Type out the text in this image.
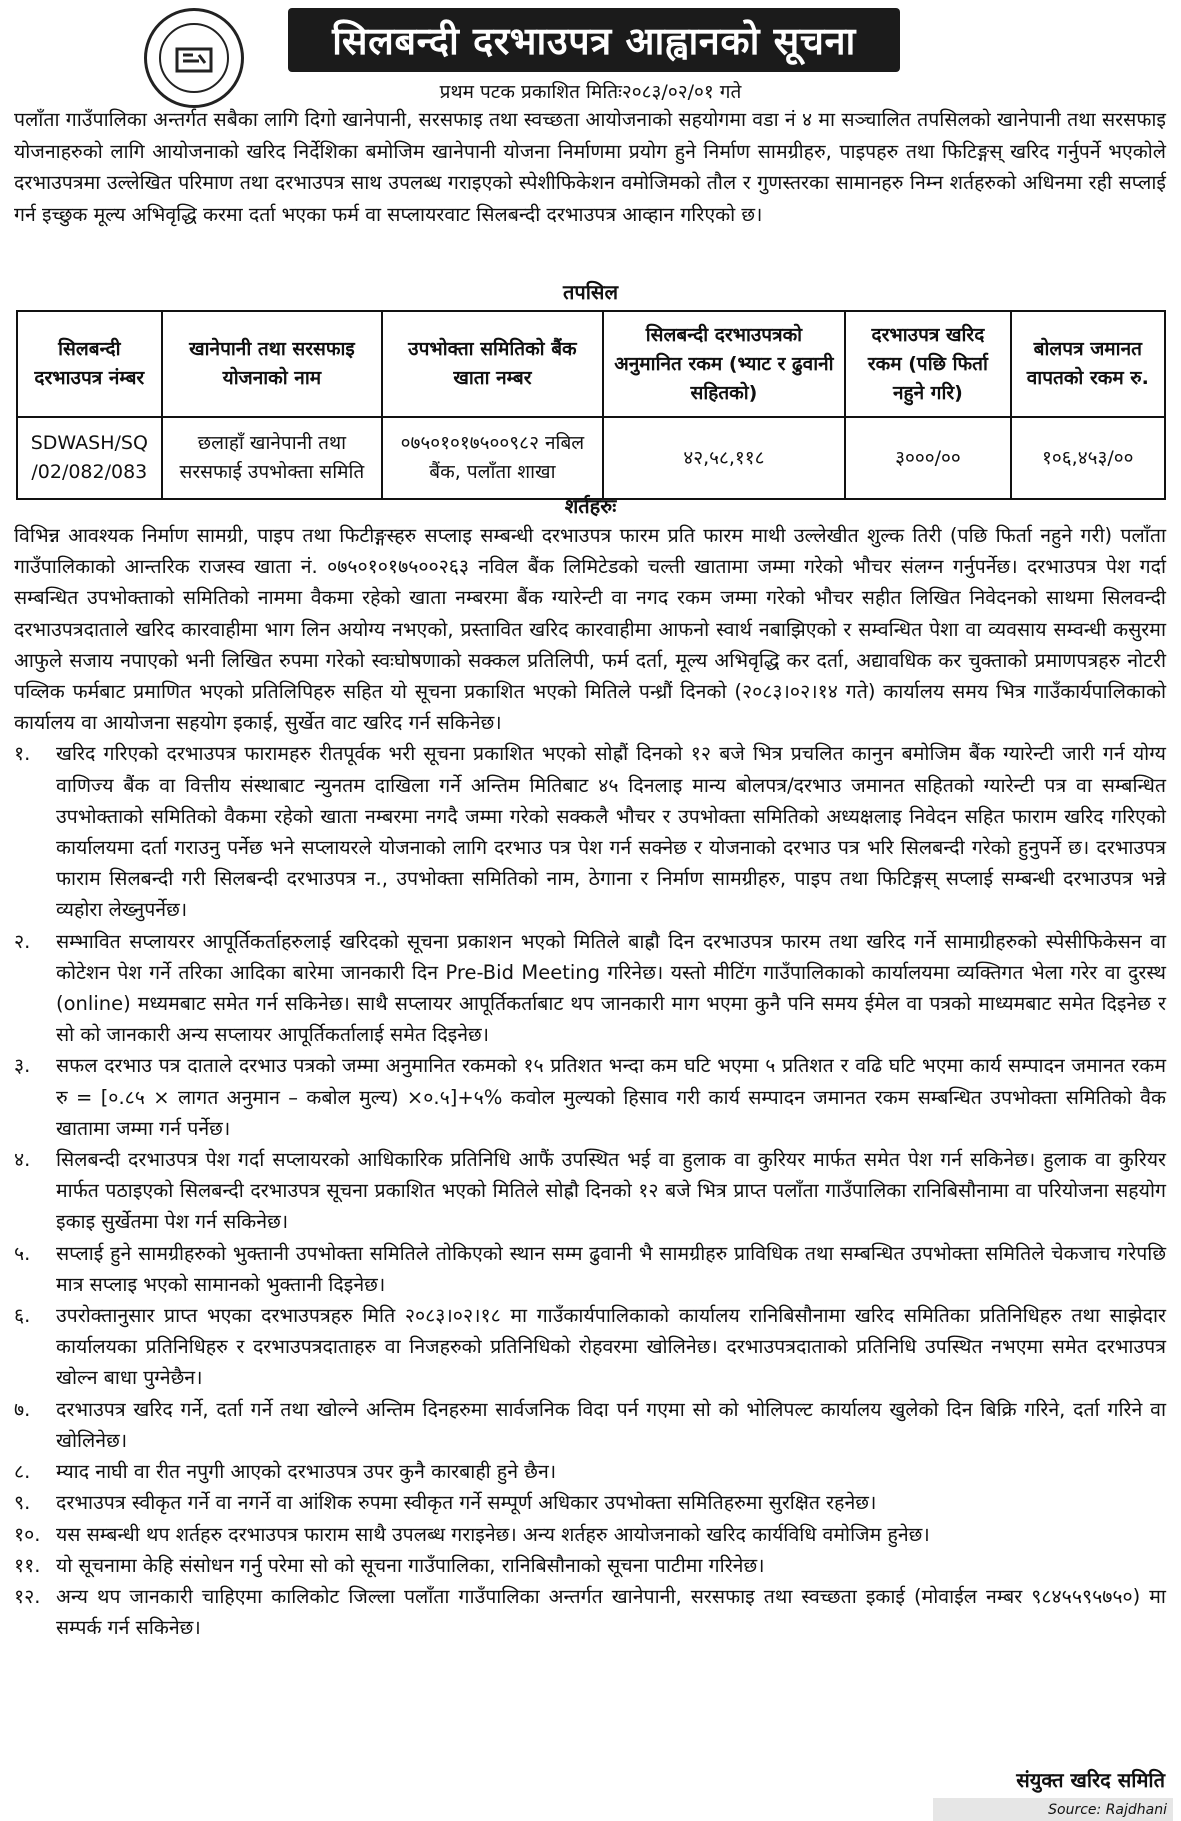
सिलबन्दी दरभाउपत्र आह्वानको सूचना
प्रथम पटक प्रकाशित मितिः२०८३/०२/०१ गते
पलाँता गाउँपालिका अन्तर्गत सबैका लागि दिगो खानेपानी, सरसफाइ तथा स्वच्छता आयोजनाको सहयोगमा वडा नं ४ मा सञ्चालित तपसिलको खानेपानी तथा सरसफाइ योजनाहरुको लागि आयोजनाको खरिद निर्देशिका बमोजिम खानेपानी योजना निर्माणमा प्रयोग हुने निर्माण सामग्रीहरु, पाइपहरु तथा फिटिङ्गस् खरिद गर्नुपर्ने भएकोले दरभाउपत्रमा उल्लेखित परिमाण तथा दरभाउपत्र साथ उपलब्ध गराइएको स्पेशीफिकेशन वमोजिमको तौल र गुणस्तरका सामानहरु निम्न शर्तहरुको अधिनमा रही सप्लाई गर्न इच्छुक मूल्य अभिवृद्धि करमा दर्ता भएका फर्म वा सप्लायरवाट सिलबन्दी दरभाउपत्र आव्हान गरिएको छ।
तपसिल
सिलबन्दी दरभाउपत्र नंम्बर	खानेपानी तथा सरसफाइ योजनाको नाम	उपभोक्ता समितिको बैंक खाता नम्बर	सिलबन्दी दरभाउपत्रको अनुमानित रकम (भ्याट र ढुवानी सहितको)	दरभाउपत्र खरिद रकम (पछि फिर्ता नहुने गरि)	बोलपत्र जमानत वापतको रकम रु.
SDWASH/SQ /02/082/083	छलाहाँ खानेपानी तथा सरसफाई उपभोक्ता समिति	०७५०१०१७५००९८२ नबिल बैंक, पलाँता शाखा	४२,५८,११८	३०००/००	१०६,४५३/००
शर्तहरुः

विभिन्न आवश्यक निर्माण सामग्री, पाइप तथा फिटीङ्गस्हरु सप्लाइ सम्बन्धी दरभाउपत्र फारम प्रति फारम माथी उल्लेखीत शुल्क तिरी (पछि फिर्ता नहुने गरी) पलाँता गाउँपालिकाको आन्तरिक राजस्व खाता नं. ०७५०१०१७५००२६३ नविल बैंक लिमिटेडको चल्ती खातामा जम्मा गरेको भौचर संलग्न गर्नुपर्नेछ। दरभाउपत्र पेश गर्दा सम्बन्धित उपभोक्ताको समितिको नाममा वैकमा रहेको खाता नम्बरमा बैंक ग्यारेन्टी वा नगद रकम जम्मा गरेको भौचर सहीत लिखित निवेदनको साथमा सिलवन्दी दरभाउपत्रदाताले खरिद कारवाहीमा भाग लिन अयोग्य नभएको, प्रस्तावित खरिद कारवाहीमा आफनो स्वार्थ नबाझिएको र सम्वन्धित पेशा वा व्यवसाय सम्वन्धी कसुरमा आफुले सजाय नपाएको भनी लिखित रुपमा गरेको स्वःघोषणाको सक्कल प्रतिलिपी, फर्म दर्ता, मूल्य अभिवृद्धि कर दर्ता, अद्यावधिक कर चुक्ताको प्रमाणपत्रहरु नोटरी पव्लिक फर्मबाट प्रमाणित भएको प्रतिलिपिहरु सहित यो सूचना प्रकाशित भएको मितिले पन्ध्रौं दिनको (२०८३।०२।१४ गते) कार्यालय समय भित्र गाउँकार्यपालिकाको कार्यालय वा आयोजना सहयोग इकाई, सुर्खेत वाट खरिद गर्न सकिनेछ।

१.	खरिद गरिएको दरभाउपत्र फारामहरु रीतपूर्वक भरी सूचना प्रकाशित भएको सोह्रौं दिनको १२ बजे भित्र प्रचलित कानुन बमोजिम बैंक ग्यारेन्टी जारी गर्न योग्य वाणिज्य बैंक वा वित्तीय संस्थाबाट न्युनतम दाखिला गर्ने अन्तिम मितिबाट ४५ दिनलाइ मान्य बोलपत्र/दरभाउ जमानत सहितको ग्यारेन्टी पत्र वा सम्बन्धित उपभोक्ताको समितिको वैकमा रहेको खाता नम्बरमा नगदै जम्मा गरेको सक्कलै भौचर र उपभोक्ता समितिको अध्यक्षलाइ निवेदन सहित फाराम खरिद गरिएको कार्यालयमा दर्ता गराउनु पर्नेछ भने सप्लायरले योजनाको लागि दरभाउ पत्र पेश गर्न सक्नेछ र योजनाको दरभाउ पत्र भरि सिलबन्दी गरेको हुनुपर्ने छ। दरभाउपत्र फाराम सिलबन्दी गरी सिलबन्दी दरभाउपत्र न., उपभोक्ता समितिको नाम, ठेगाना र निर्माण सामग्रीहरु, पाइप तथा फिटिङ्गस् सप्लाई सम्बन्धी दरभाउपत्र भन्ने व्यहोरा लेख्नुपर्नेछ।
२.	सम्भावित सप्लायरर आपूर्तिकर्ताहरुलाई खरिदको सूचना प्रकाशन भएको मितिले बाह्रौ दिन दरभाउपत्र फारम तथा खरिद गर्ने सामाग्रीहरुको स्पेसीफिकेसन वा कोटेशन पेश गर्ने तरिका आदिका बारेमा जानकारी दिन Pre-Bid Meeting गरिनेछ। यस्तो मीटिंग गाउँपालिकाको कार्यालयमा व्यक्तिगत भेला गरेर वा दुरस्थ (online) मध्यमबाट समेत गर्न सकिनेछ। साथै सप्लायर आपूर्तिकर्ताबाट थप जानकारी माग भएमा कुनै पनि समय ईमेल वा पत्रको माध्यमबाट समेत दिइनेछ र सो को जानकारी अन्य सप्लायर आपूर्तिकर्तालाई समेत दिइनेछ।
३.	सफल दरभाउ पत्र दाताले दरभाउ पत्रको जम्मा अनुमानित रकमको १५ प्रतिशत भन्दा कम घटि भएमा ५ प्रतिशत र वढि घटि भएमा कार्य सम्पादन जमानत रकम रु = [०.८५ × लागत अनुमान – कबोल मुल्य) ×०.५]+५% कवोल मुल्यको हिसाव गरी कार्य सम्पादन जमानत रकम सम्बन्धित उपभोक्ता समितिको वैक खातामा जम्मा गर्न पर्नेछ।
४.	सिलबन्दी दरभाउपत्र पेश गर्दा सप्लायरको आधिकारिक प्रतिनिधि आफैं उपस्थित भई वा हुलाक वा कुरियर मार्फत समेत पेश गर्न सकिनेछ। हुलाक वा कुरियर मार्फत पठाइएको सिलबन्दी दरभाउपत्र सूचना प्रकाशित भएको मितिले सोह्रौ दिनको १२ बजे भित्र प्राप्त पलाँता गाउँपालिका रानिबिसौनामा वा परियोजना सहयोग इकाइ सुर्खेतमा पेश गर्न सकिनेछ।
५.	सप्लाई हुने सामग्रीहरुको भुक्तानी उपभोक्ता समितिले तोकिएको स्थान सम्म ढुवानी भै सामग्रीहरु प्राविधिक तथा सम्बन्धित उपभोक्ता समितिले चेकजाच गरेपछि मात्र सप्लाइ भएको सामानको भुक्तानी दिइनेछ।
६.	उपरोक्तानुसार प्राप्त भएका दरभाउपत्रहरु मिति २०८३।०२।१८ मा गाउँकार्यपालिकाको कार्यालय रानिबिसौनामा खरिद समितिका प्रतिनिधिहरु तथा साझेदार कार्यालयका प्रतिनिधिहरु र दरभाउपत्रदाताहरु वा निजहरुको प्रतिनिधिको रोहवरमा खोलिनेछ। दरभाउपत्रदाताको प्रतिनिधि उपस्थित नभएमा समेत दरभाउपत्र खोल्न बाधा पुग्नेछैन।
७.	दरभाउपत्र खरिद गर्ने, दर्ता गर्ने तथा खोल्ने अन्तिम दिनहरुमा सार्वजनिक विदा पर्न गएमा सो को भोलिपल्ट कार्यालय खुलेको दिन बिक्रि गरिने, दर्ता गरिने वा खोलिनेछ।
८.	म्याद नाघी वा रीत नपुगी आएको दरभाउपत्र उपर कुनै कारबाही हुने छैन।
९.	दरभाउपत्र स्वीकृत गर्ने वा नगर्ने वा आंशिक रुपमा स्वीकृत गर्ने सम्पूर्ण अधिकार उपभोक्ता समितिहरुमा सुरक्षित रहनेछ।
१०. यस सम्बन्धी थप शर्तहरु दरभाउपत्र फाराम साथै उपलब्ध गराइनेछ। अन्य शर्तहरु आयोजनाको खरिद कार्यविधि वमोजिम हुनेछ।
११. यो सूचनामा केहि संसोधन गर्नु परेमा सो को सूचना गाउँपालिका, रानिबिसौनाको सूचना पाटीमा गरिनेछ।
१२. अन्य थप जानकारी चाहिएमा कालिकोट जिल्ला पलाँता गाउँपालिका अन्तर्गत खानेपानी, सरसफाइ तथा स्वच्छता इकाई (मोवाईल नम्बर ९८४५५९५७५०) मा सम्पर्क गर्न सकिनेछ।
संयुक्त खरिद समिति
Source: Rajdhani
